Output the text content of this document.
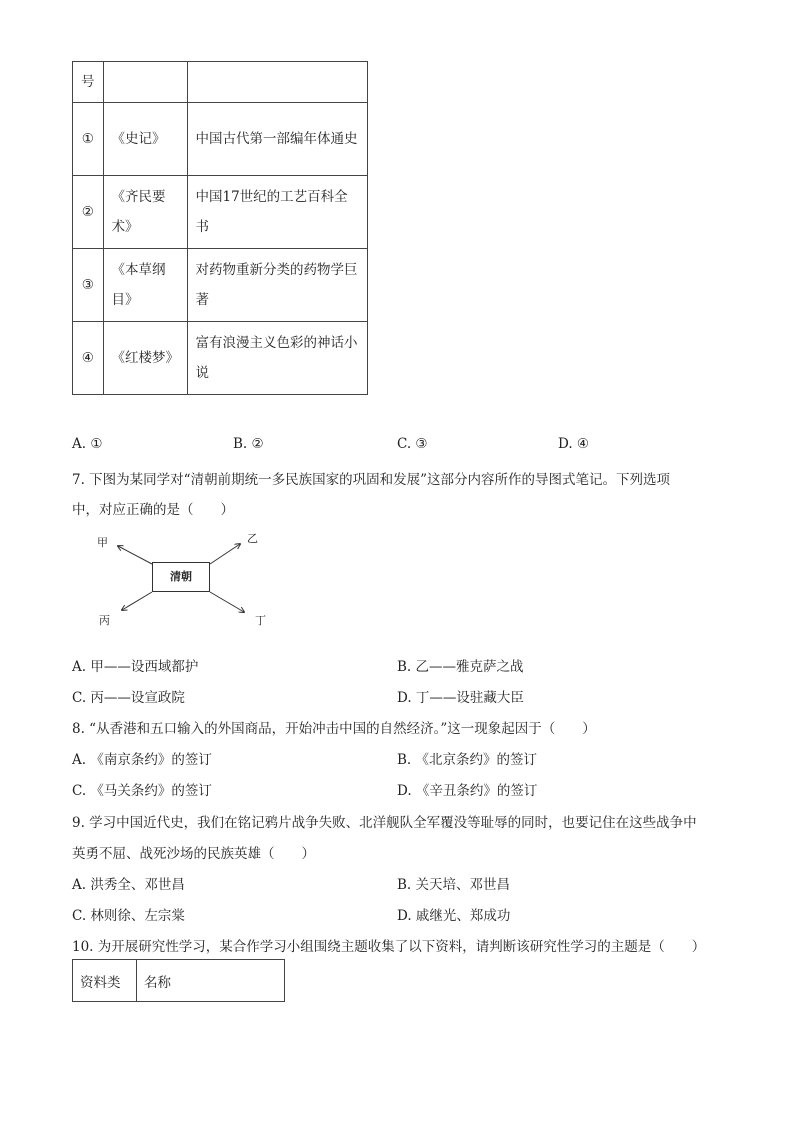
号		
①	《史记》	中国古代第一部编年体通史
②	《齐民要术》	中国17世纪的工艺百科全书
③	《本草纲目》	对药物重新分类的药物学巨著
④	《红楼梦》	富有浪漫主义色彩的神话小说
A. ①	B. ②	C. ③	D. ④
7. 下图为某同学对“清朝前期统一多民族国家的巩固和发展”这部分内容所作的导图式笔记。下列选项
中，对应正确的是（　　）
清朝
甲	乙
丙	丁
A. 甲——设西域都护	B. 乙——雅克萨之战
C. 丙——设宣政院	D. 丁——设驻藏大臣
8. “从香港和五口输入的外国商品，开始冲击中国的自然经济。”这一现象起因于（　　）
A. 《南京条约》的签订	B. 《北京条约》的签订
C. 《马关条约》的签订	D. 《辛丑条约》的签订
9. 学习中国近代史，我们在铭记鸦片战争失败、北洋舰队全军覆没等耻辱的同时，也要记住在这些战争中
英勇不屈、战死沙场的民族英雄（　　）
A. 洪秀全、邓世昌	B. 关天培、邓世昌
C. 林则徐、左宗棠	D. 戚继光、郑成功
10. 为开展研究性学习，某合作学习小组围绕主题收集了以下资料，请判断该研究性学习的主题是（　　）
资料类	名称
